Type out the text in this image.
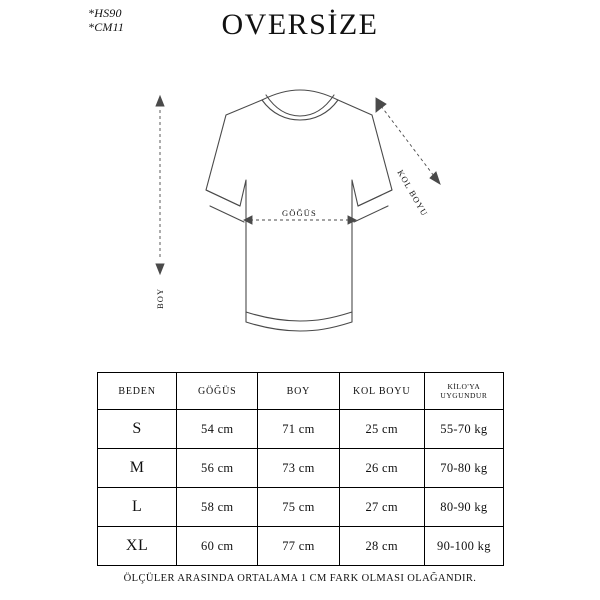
*HS90
*CM11	OVERSİZE
GÖĞÜS
BOY
KOL BOYU
BEDEN	GÖĞÜS	BOY	KOL BOYU	KİLO'YA
UYGUNDUR

S	54 cm	71 cm	25 cm	55-70 kg
M	56 cm	73 cm	26 cm	70-80 kg
L	58 cm	75 cm	27 cm	80-90 kg
XL	60 cm	77 cm	28 cm	90-100 kg
ÖLÇÜLER ARASINDA ORTALAMA 1 CM FARK OLMASI OLAĞANDIR.
